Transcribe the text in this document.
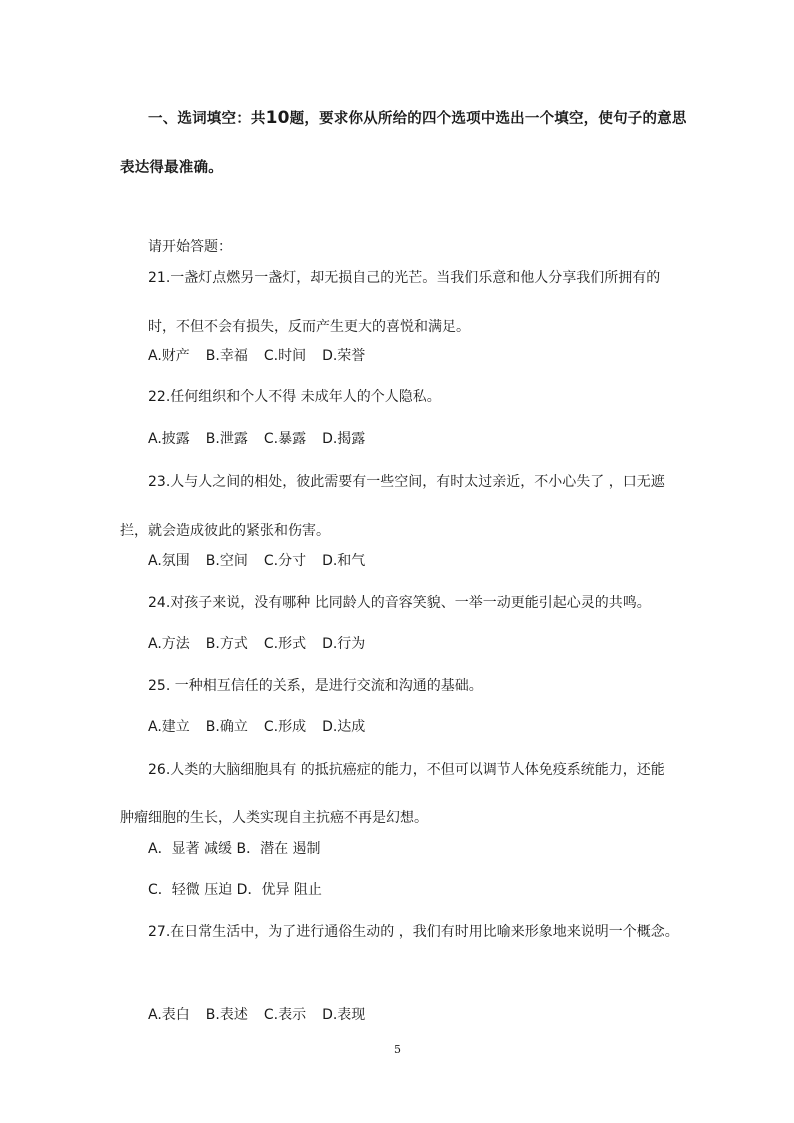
一、选词填空：共10题，要求你从所给的四个选项中选出一个填空，使句子的意思
表达得最准确。
请开始答题：
21.一盏灯点燃另一盏灯，却无损自己的光芒。当我们乐意和他人分享我们所拥有的
时，不但不会有损失，反而产生更大的喜悦和满足。
A.财产 B.幸福 C.时间 D.荣誉
22.任何组织和个人不得 未成年人的个人隐私。
A.披露 B.泄露 C.暴露 D.揭露
23.人与人之间的相处，彼此需要有一些空间，有时太过亲近，不小心失了 ，口无遮
拦，就会造成彼此的紧张和伤害。
A.氛围 B.空间 C.分寸 D.和气
24.对孩子来说，没有哪种 比同龄人的音容笑貌、一举一动更能引起心灵的共鸣。
A.方法 B.方式 C.形式 D.行为
25. 一种相互信任的关系，是进行交流和沟通的基础。
A.建立 B.确立 C.形成 D.达成
26.人类的大脑细胞具有 的抵抗癌症的能力，不但可以调节人体免疫系统能力，还能
肿瘤细胞的生长，人类实现自主抗癌不再是幻想。
A．显著 减缓 B．潜在 遏制
C．轻微 压迫 D．优异 阻止
27.在日常生活中，为了进行通俗生动的 ，我们有时用比喻来形象地来说明一个概念。
A.表白 B.表述 C.表示 D.表现
5
